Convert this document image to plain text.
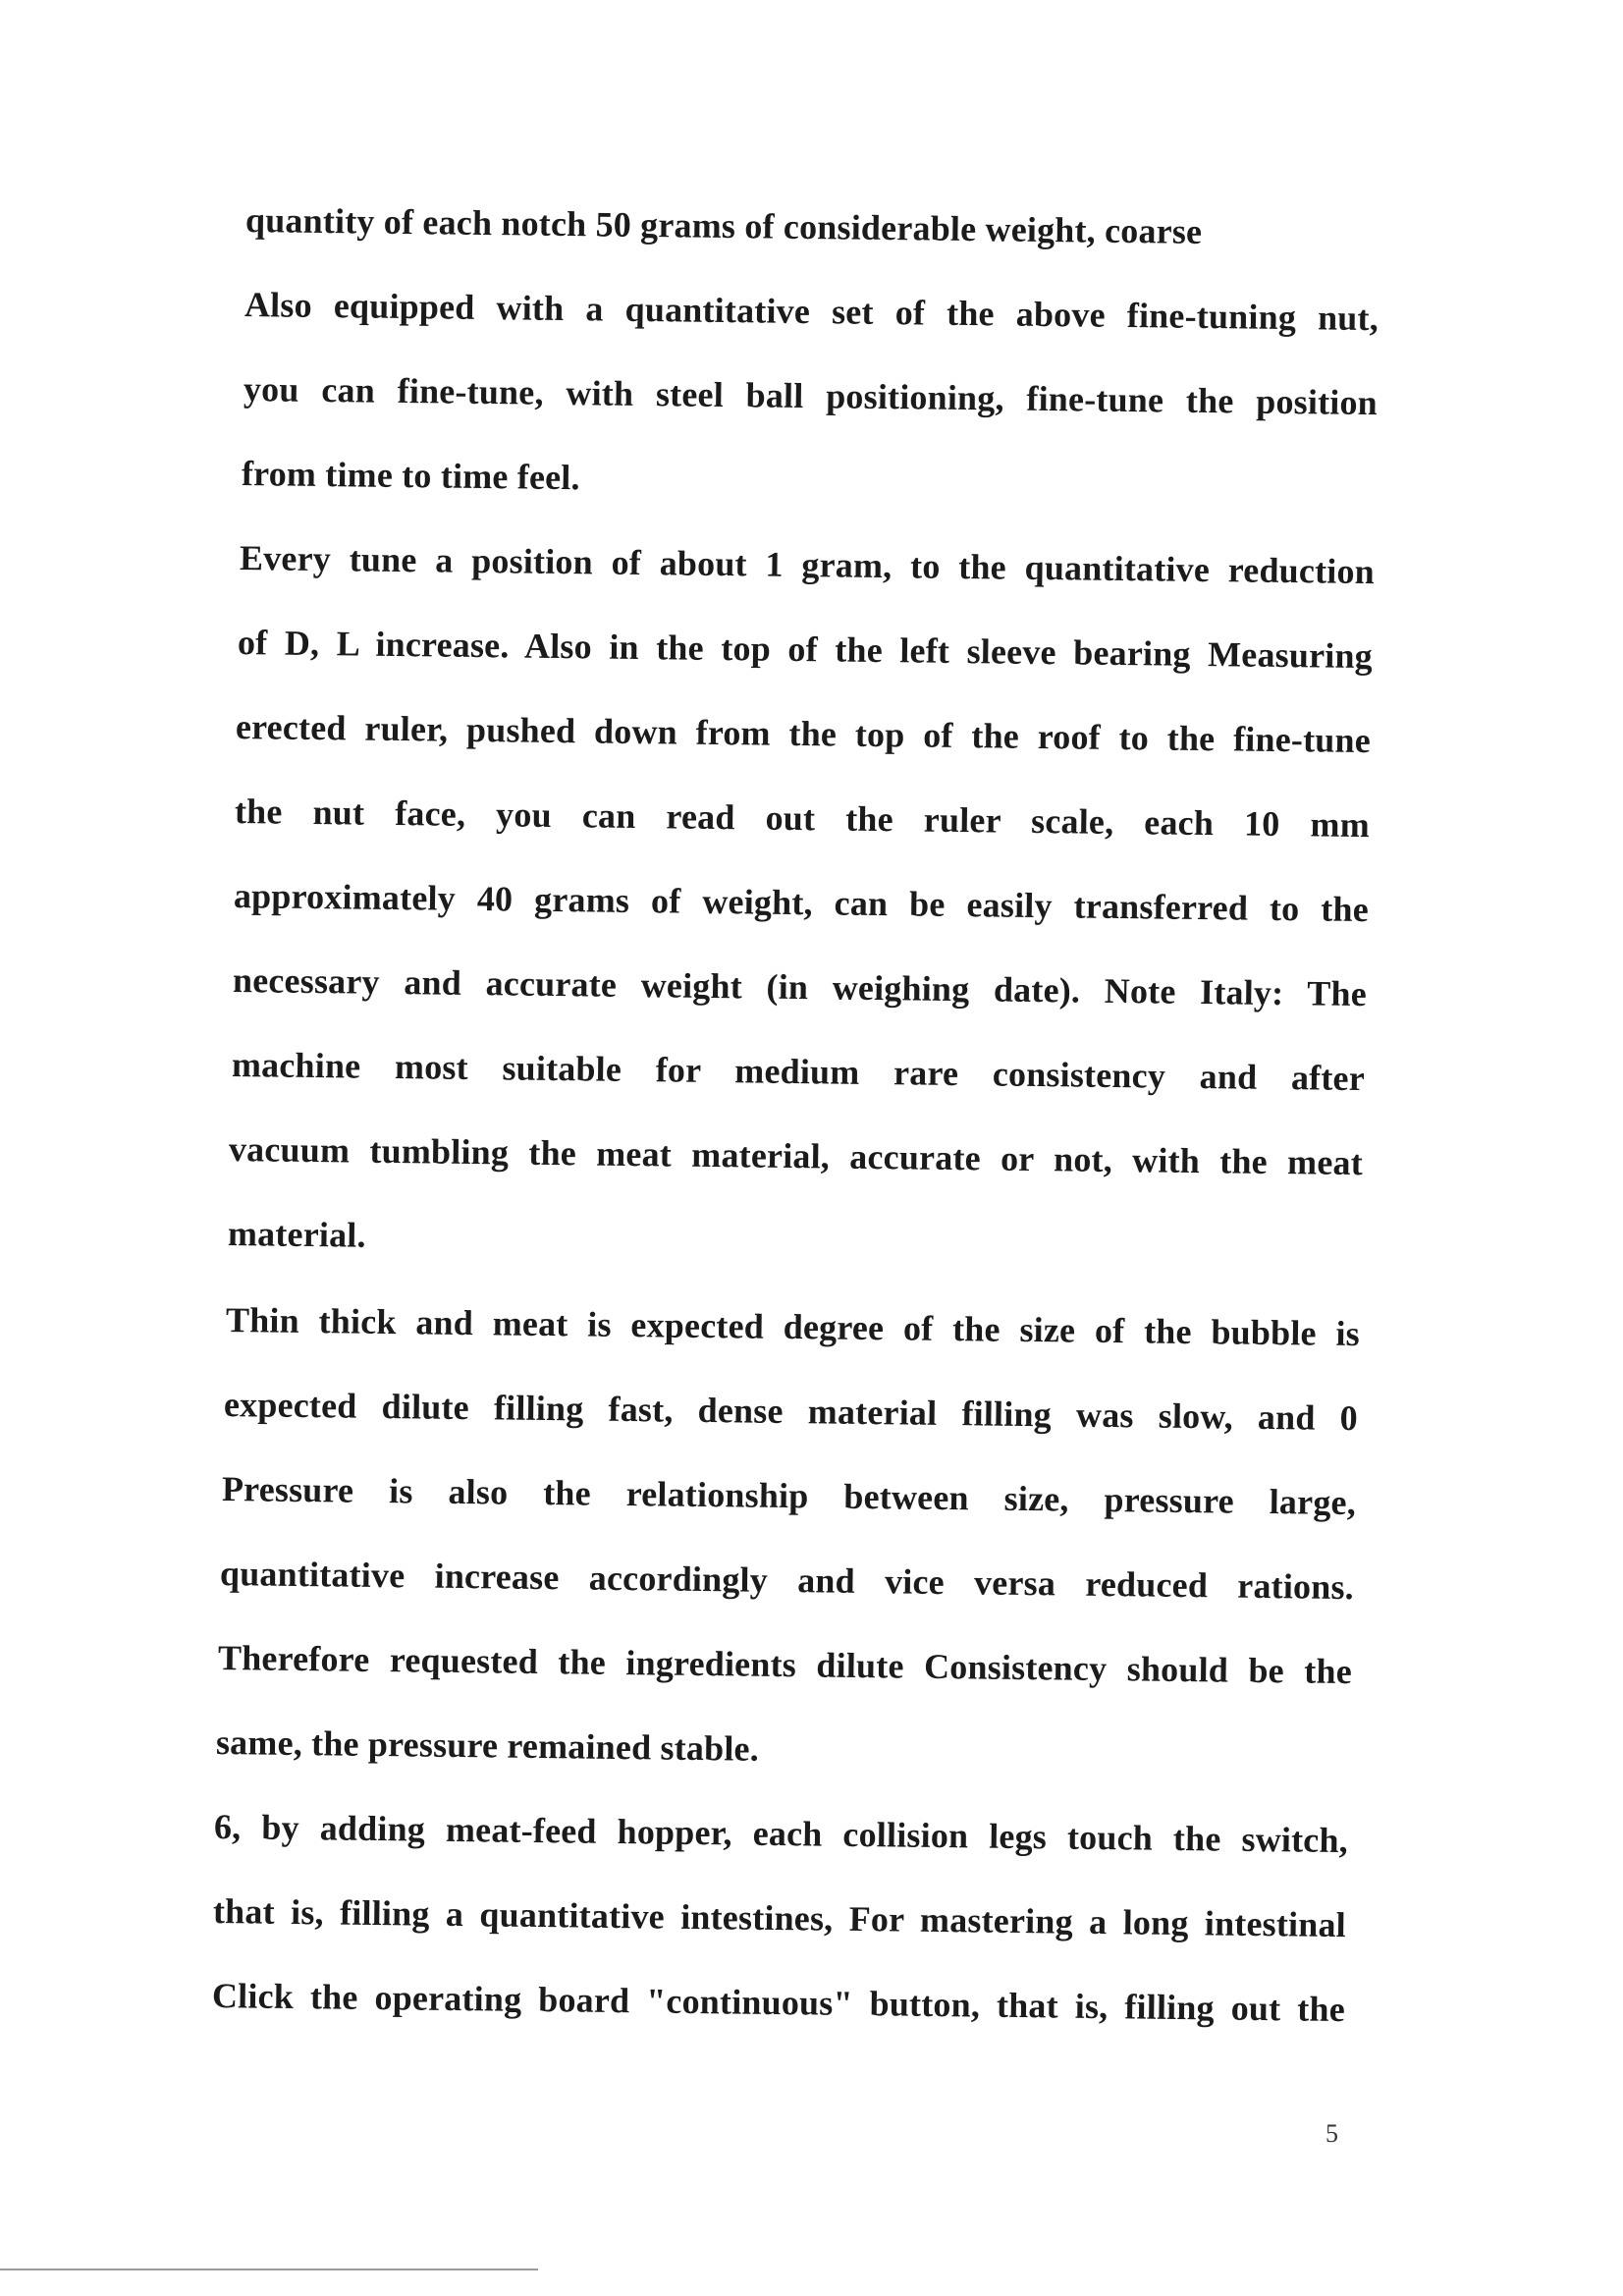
quantity of each notch 50 grams of considerable weight, coarse
Also equipped with a quantitative set of the above fine-tuning nut,
you can fine-tune, with steel ball positioning, fine-tune the position
from time to time feel.
Every tune a position of about 1 gram, to the quantitative reduction
of D, L increase. Also in the top of the left sleeve bearing Measuring
erected ruler, pushed down from the top of the roof to the fine-tune
the nut face, you can read out the ruler scale, each 10 mm
approximately 40 grams of weight, can be easily transferred to the
necessary and accurate weight (in weighing date). Note Italy: The
machine most suitable for medium rare consistency and after
vacuum tumbling the meat material, accurate or not, with the meat
material.
Thin thick and meat is expected degree of the size of the bubble is
expected dilute filling fast, dense material filling was slow, and 0
Pressure is also the relationship between size, pressure large,
quantitative increase accordingly and vice versa reduced rations.
Therefore requested the ingredients dilute Consistency should be the
same, the pressure remained stable.
6, by adding meat-feed hopper, each collision legs touch the switch,
that is, filling a quantitative intestines, For mastering a long intestinal
Click the operating board "continuous" button, that is, filling out the
5
